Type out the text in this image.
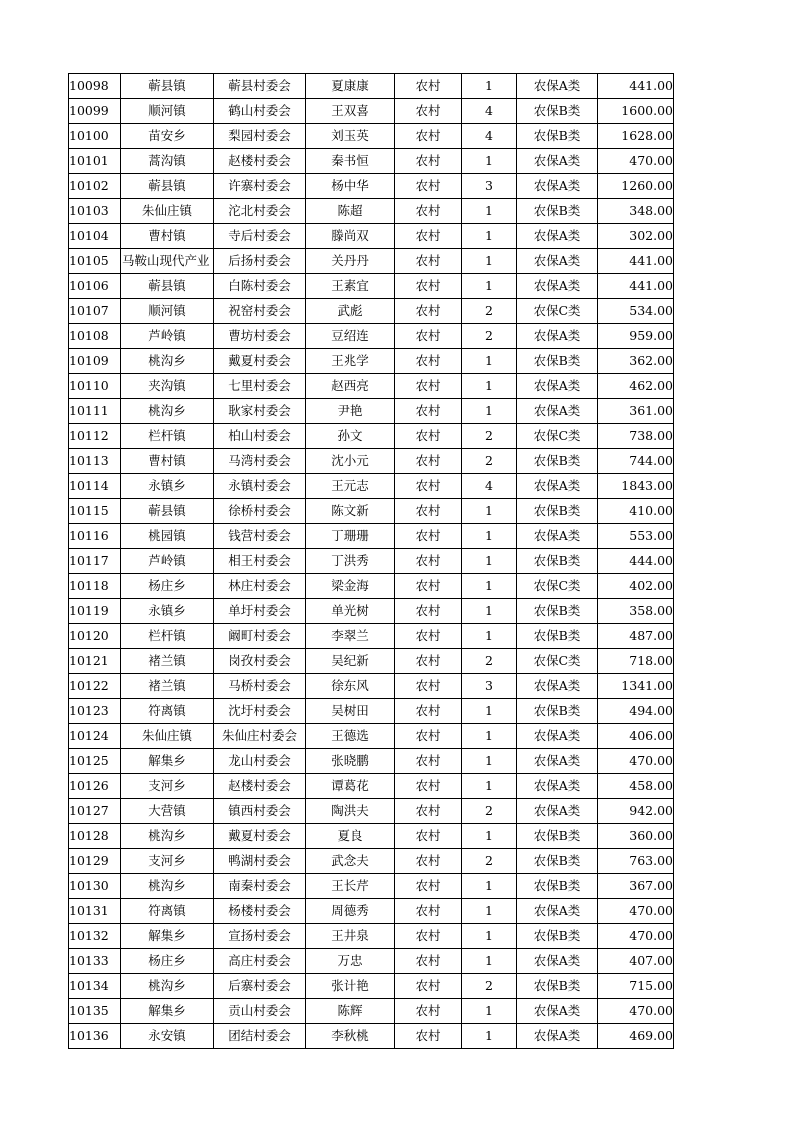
10098	蕲县镇	蕲县村委会	夏康康	农村	1	农保A类	441.00
10099	顺河镇	鹤山村委会	王双喜	农村	4	农保B类	1600.00
10100	苗安乡	梨园村委会	刘玉英	农村	4	农保B类	1628.00
10101	蒿沟镇	赵楼村委会	秦书恒	农村	1	农保A类	470.00
10102	蕲县镇	许寨村委会	杨中华	农村	3	农保A类	1260.00
10103	朱仙庄镇	沱北村委会	陈超	农村	1	农保B类	348.00
10104	曹村镇	寺后村委会	滕尚双	农村	1	农保A类	302.00
10105	马鞍山现代产业	后扬村委会	关丹丹	农村	1	农保A类	441.00
10106	蕲县镇	白陈村委会	王素宜	农村	1	农保A类	441.00
10107	顺河镇	祝窑村委会	武彪	农村	2	农保C类	534.00
10108	芦岭镇	曹坊村委会	豆绍连	农村	2	农保A类	959.00
10109	桃沟乡	戴夏村委会	王兆学	农村	1	农保B类	362.00
10110	夹沟镇	七里村委会	赵西亮	农村	1	农保A类	462.00
10111	桃沟乡	耿家村委会	尹艳	农村	1	农保A类	361.00
10112	栏杆镇	柏山村委会	孙文	农村	2	农保C类	738.00
10113	曹村镇	马湾村委会	沈小元	农村	2	农保B类	744.00
10114	永镇乡	永镇村委会	王元志	农村	4	农保A类	1843.00
10115	蕲县镇	徐桥村委会	陈文新	农村	1	农保B类	410.00
10116	桃园镇	钱营村委会	丁珊珊	农村	1	农保A类	553.00
10117	芦岭镇	相王村委会	丁洪秀	农村	1	农保B类	444.00
10118	杨庄乡	林庄村委会	梁金海	农村	1	农保C类	402.00
10119	永镇乡	单圩村委会	单光树	农村	1	农保B类	358.00
10120	栏杆镇	阚町村委会	李翠兰	农村	1	农保B类	487.00
10121	褚兰镇	岗孜村委会	吴纪新	农村	2	农保C类	718.00
10122	褚兰镇	马桥村委会	徐东风	农村	3	农保A类	1341.00
10123	符离镇	沈圩村委会	吴树田	农村	1	农保B类	494.00
10124	朱仙庄镇	朱仙庄村委会	王德选	农村	1	农保A类	406.00
10125	解集乡	龙山村委会	张晓鹏	农村	1	农保A类	470.00
10126	支河乡	赵楼村委会	谭葛花	农村	1	农保A类	458.00
10127	大营镇	镇西村委会	陶洪夫	农村	2	农保A类	942.00
10128	桃沟乡	戴夏村委会	夏良	农村	1	农保B类	360.00
10129	支河乡	鸭湖村委会	武念夫	农村	2	农保B类	763.00
10130	桃沟乡	南秦村委会	王长芹	农村	1	农保B类	367.00
10131	符离镇	杨楼村委会	周德秀	农村	1	农保A类	470.00
10132	解集乡	宣扬村委会	王井泉	农村	1	农保B类	470.00
10133	杨庄乡	高庄村委会	万忠	农村	1	农保A类	407.00
10134	桃沟乡	后寨村委会	张计艳	农村	2	农保B类	715.00
10135	解集乡	贡山村委会	陈辉	农村	1	农保A类	470.00
10136	永安镇	团结村委会	李秋桃	农村	1	农保A类	469.00
